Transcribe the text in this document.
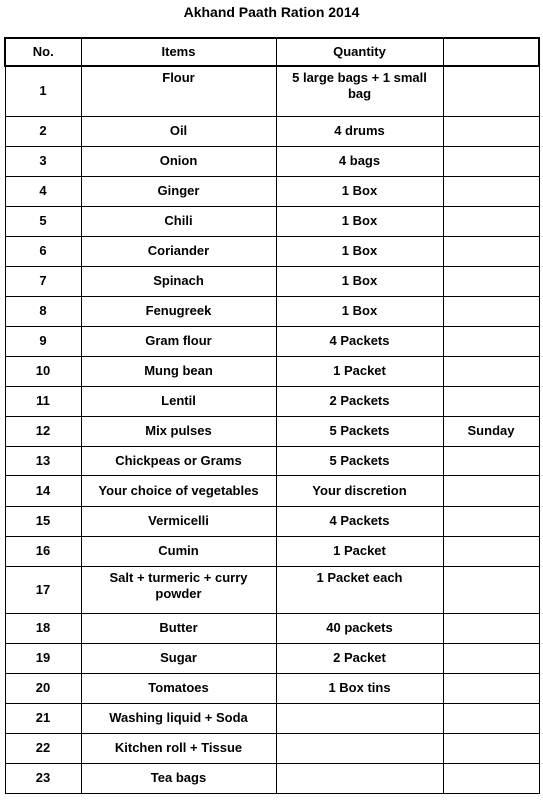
Akhand Paath Ration 2014
No.	Items	Quantity	
1	Flour	5 large bags + 1 small bag	
2	Oil	4 drums	
3	Onion	4 bags	
4	Ginger	1 Box	
5	Chili	1 Box	
6	Coriander	1 Box	
7	Spinach	1 Box	
8	Fenugreek	1 Box	
9	Gram flour	4 Packets	
10	Mung bean	1 Packet	
11	Lentil	2 Packets	
12	Mix pulses	5 Packets	Sunday
13	Chickpeas or Grams	5 Packets	
14	Your choice of vegetables	Your discretion	
15	Vermicelli	4 Packets	
16	Cumin	1 Packet	
17	Salt + turmeric + curry powder	1 Packet each	
18	Butter	40 packets	
19	Sugar	2 Packet	
20	Tomatoes	1 Box tins	
21	Washing liquid + Soda		
22	Kitchen roll + Tissue		
23	Tea bags		
